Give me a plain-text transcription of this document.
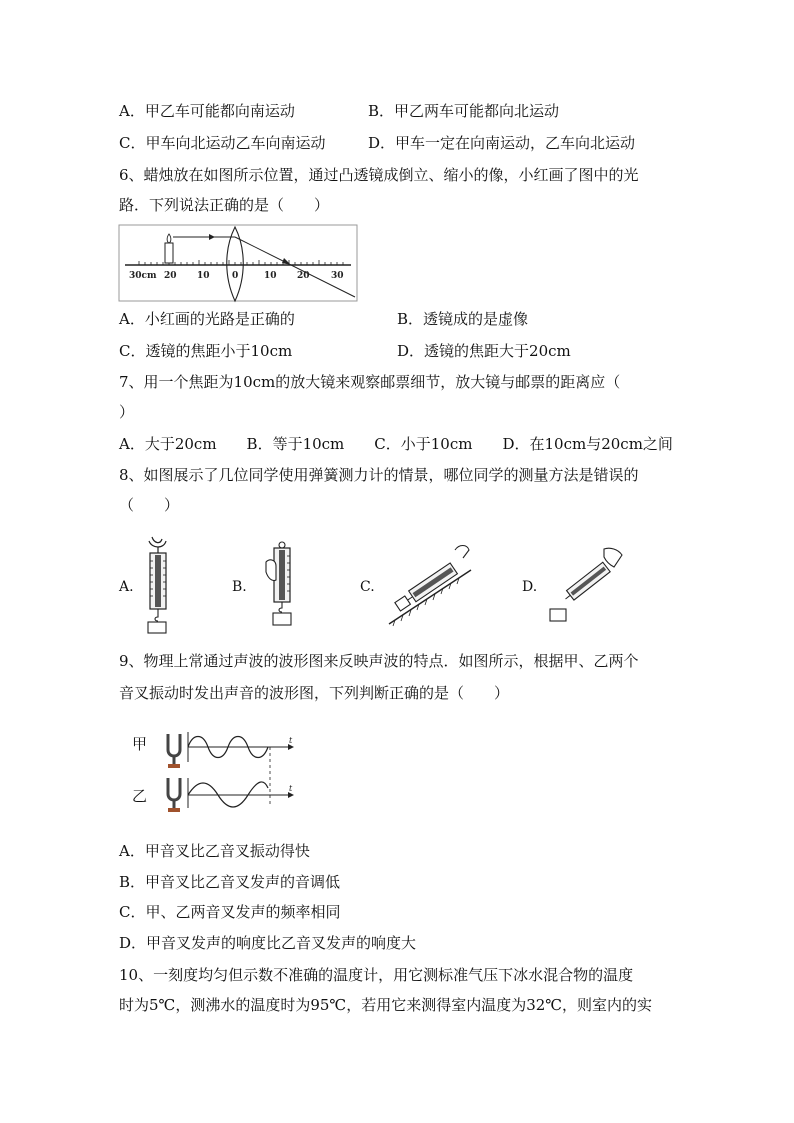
A．甲乙车可能都向南运动	B．甲乙两车可能都向北运动
C．甲车向北运动乙车向南运动	D．甲车一定在向南运动，乙车向北运动
6、蜡烛放在如图所示位置，通过凸透镜成倒立、缩小的像，小红画了图中的光
路．下列说法正确的是（　　）
30cm 20 10 0	10 20 30
A．小红画的光路是正确的	B．透镜成的是虚像
C．透镜的焦距小于10cm	D．透镜的焦距大于20cm
7、用一个焦距为10cm的放大镜来观察邮票细节，放大镜与邮票的距离应（
）
A．大于20cm　　B．等于10cm　　C．小于10cm　　D．在10cm与20cm之间
8、如图展示了几位同学使用弹簧测力计的情景，哪位同学的测量方法是错误的
（　　）
A.	B.	C.	D.
9、物理上常通过声波的波形图来反映声波的特点．如图所示，根据甲、乙两个
音叉振动时发出声音的波形图，下列判断正确的是（　　）
甲
乙
t
t
A．甲音叉比乙音叉振动得快
B．甲音叉比乙音叉发声的音调低
C．甲、乙两音叉发声的频率相同
D．甲音叉发声的响度比乙音叉发声的响度大
10、一刻度均匀但示数不准确的温度计，用它测标准气压下冰水混合物的温度
时为5℃，测沸水的温度时为95℃，若用它来测得室内温度为32℃，则室内的实
